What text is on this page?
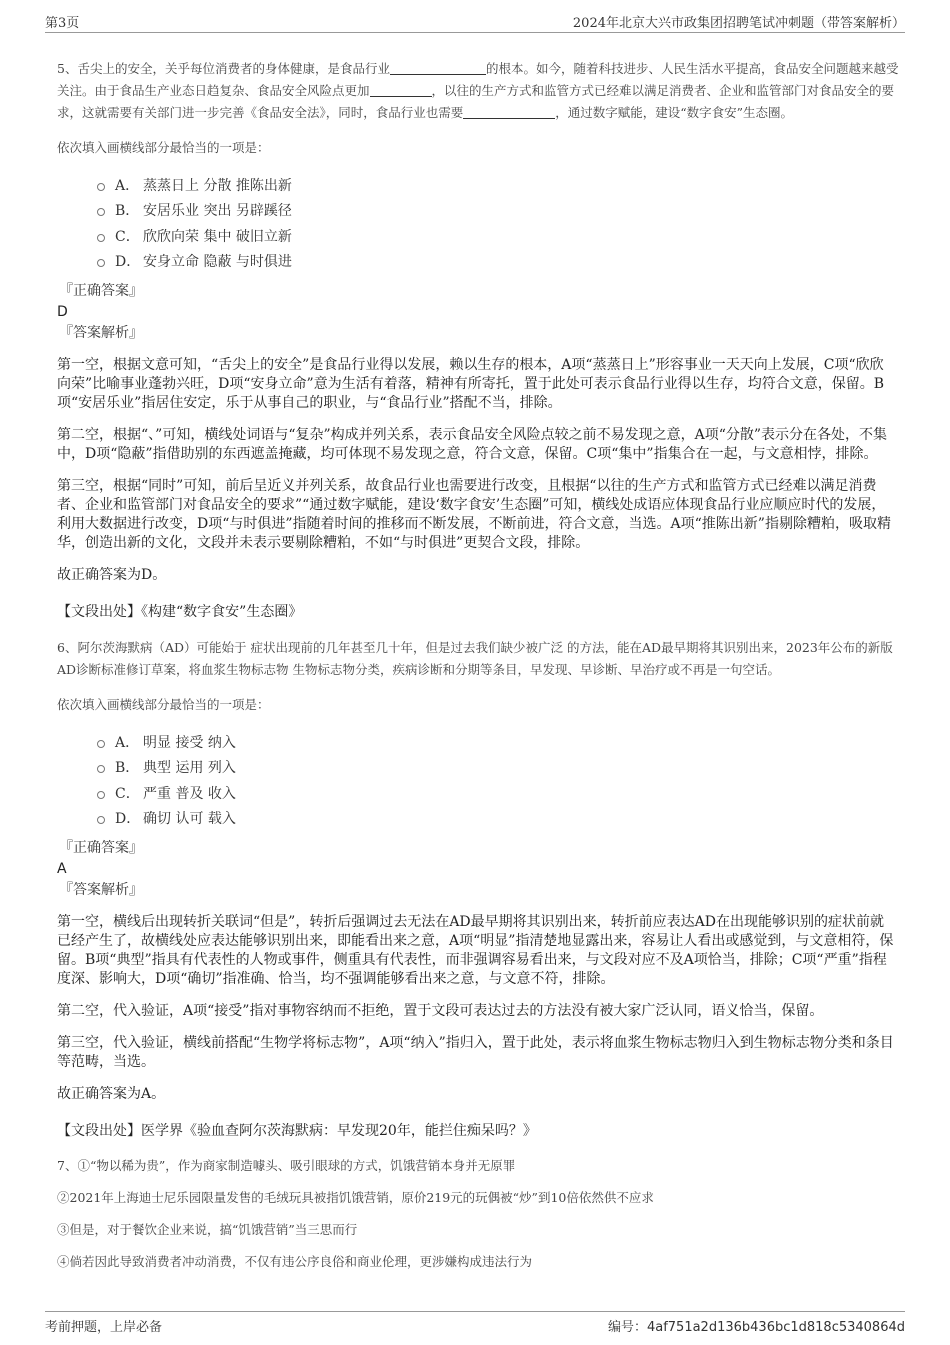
第3页	2024年北京大兴市政集团招聘笔试冲刺题（带答案解析）

5、舌尖上的安全，关乎每位消费者的身体健康，是食品行业	的根本。如今，随着科技进步、人民生活水平提高，食品安全问题越来越受关注。由于食品生产业态日趋复杂、食品安全风险点更加	，以往的生产方式和监管方式已经难以满足消费者、企业和监管部门对食品安全的要求，这就需要有关部门进一步完善《食品安全法》，同时，食品行业也需要	，通过数字赋能，建设“数字食安”生态圈。

依次填入画横线部分最恰当的一项是：

A． 蒸蒸日上 分散 推陈出新
B． 安居乐业 突出 另辟蹊径
C． 欣欣向荣 集中 破旧立新
D． 安身立命 隐蔽 与时俱进
『正确答案』
D
『答案解析』

第一空，根据文意可知，“舌尖上的安全”是食品行业得以发展，赖以生存的根本，A项“蒸蒸日上”形容事业一天天向上发展，C项“欣欣向荣”比喻事业蓬勃兴旺，D项“安身立命”意为生活有着落，精神有所寄托，置于此处可表示食品行业得以生存，均符合文意，保留。B项“安居乐业”指居住安定，乐于从事自己的职业，与“食品行业”搭配不当，排除。

第二空，根据“、”可知，横线处词语与“复杂”构成并列关系，表示食品安全风险点较之前不易发现之意，A项“分散”表示分在各处，不集中，D项“隐蔽”指借助别的东西遮盖掩藏，均可体现不易发现之意，符合文意，保留。C项“集中”指集合在一起，与文意相悖，排除。

第三空，根据“同时”可知，前后呈近义并列关系，故食品行业也需要进行改变，且根据“以往的生产方式和监管方式已经难以满足消费者、企业和监管部门对食品安全的要求”“通过数字赋能，建设‘数字食安’生态圈”可知，横线处成语应体现食品行业应顺应时代的发展，利用大数据进行改变，D项“与时俱进”指随着时间的推移而不断发展，不断前进，符合文意，当选。A项“推陈出新”指剔除糟粕，吸取精华，创造出新的文化，文段并未表示要剔除糟粕，不如“与时俱进”更契合文段，排除。

故正确答案为D。

【文段出处】《构建“数字食安”生态圈》

6、阿尔茨海默病（AD）可能始于 症状出现前的几年甚至几十年，但是过去我们缺少被广泛 的方法，能在AD最早期将其识别出来，2023年公布的新版AD诊断标准修订草案，将血浆生物标志物 生物标志物分类，疾病诊断和分期等条目，早发现、早诊断、早治疗或不再是一句空话。

依次填入画横线部分最恰当的一项是：

A． 明显 接受 纳入
B． 典型 运用 列入
C． 严重 普及 收入
D． 确切 认可 载入
『正确答案』
A
『答案解析』

第一空，横线后出现转折关联词“但是”，转折后强调过去无法在AD最早期将其识别出来，转折前应表达AD在出现能够识别的症状前就已经产生了，故横线处应表达能够识别出来，即能看出来之意，A项“明显”指清楚地显露出来，容易让人看出或感觉到，与文意相符，保留。B项“典型”指具有代表性的人物或事件，侧重具有代表性，而非强调容易看出来，与文段对应不及A项恰当，排除；C项“严重”指程度深、影响大，D项“确切”指准确、恰当，均不强调能够看出来之意，与文意不符，排除。

第二空，代入验证，A项“接受”指对事物容纳而不拒绝，置于文段可表达过去的方法没有被大家广泛认同，语义恰当，保留。

第三空，代入验证，横线前搭配“生物学将标志物”，A项“纳入”指归入，置于此处，表示将血浆生物标志物归入到生物标志物分类和条目等范畴，当选。

故正确答案为A。

【文段出处】医学界《验血查阿尔茨海默病：早发现20年，能拦住痴呆吗？》

7、①“物以稀为贵”，作为商家制造噱头、吸引眼球的方式，饥饿营销本身并无原罪

②2021年上海迪士尼乐园限量发售的毛绒玩具被指饥饿营销，原价219元的玩偶被“炒”到10倍依然供不应求

③但是，对于餐饮企业来说，搞“饥饿营销”当三思而行

④倘若因此导致消费者冲动消费，不仅有违公序良俗和商业伦理，更涉嫌构成违法行为

考前押题，上岸必备	编号：4af751a2d136b436bc1d818c5340864d
